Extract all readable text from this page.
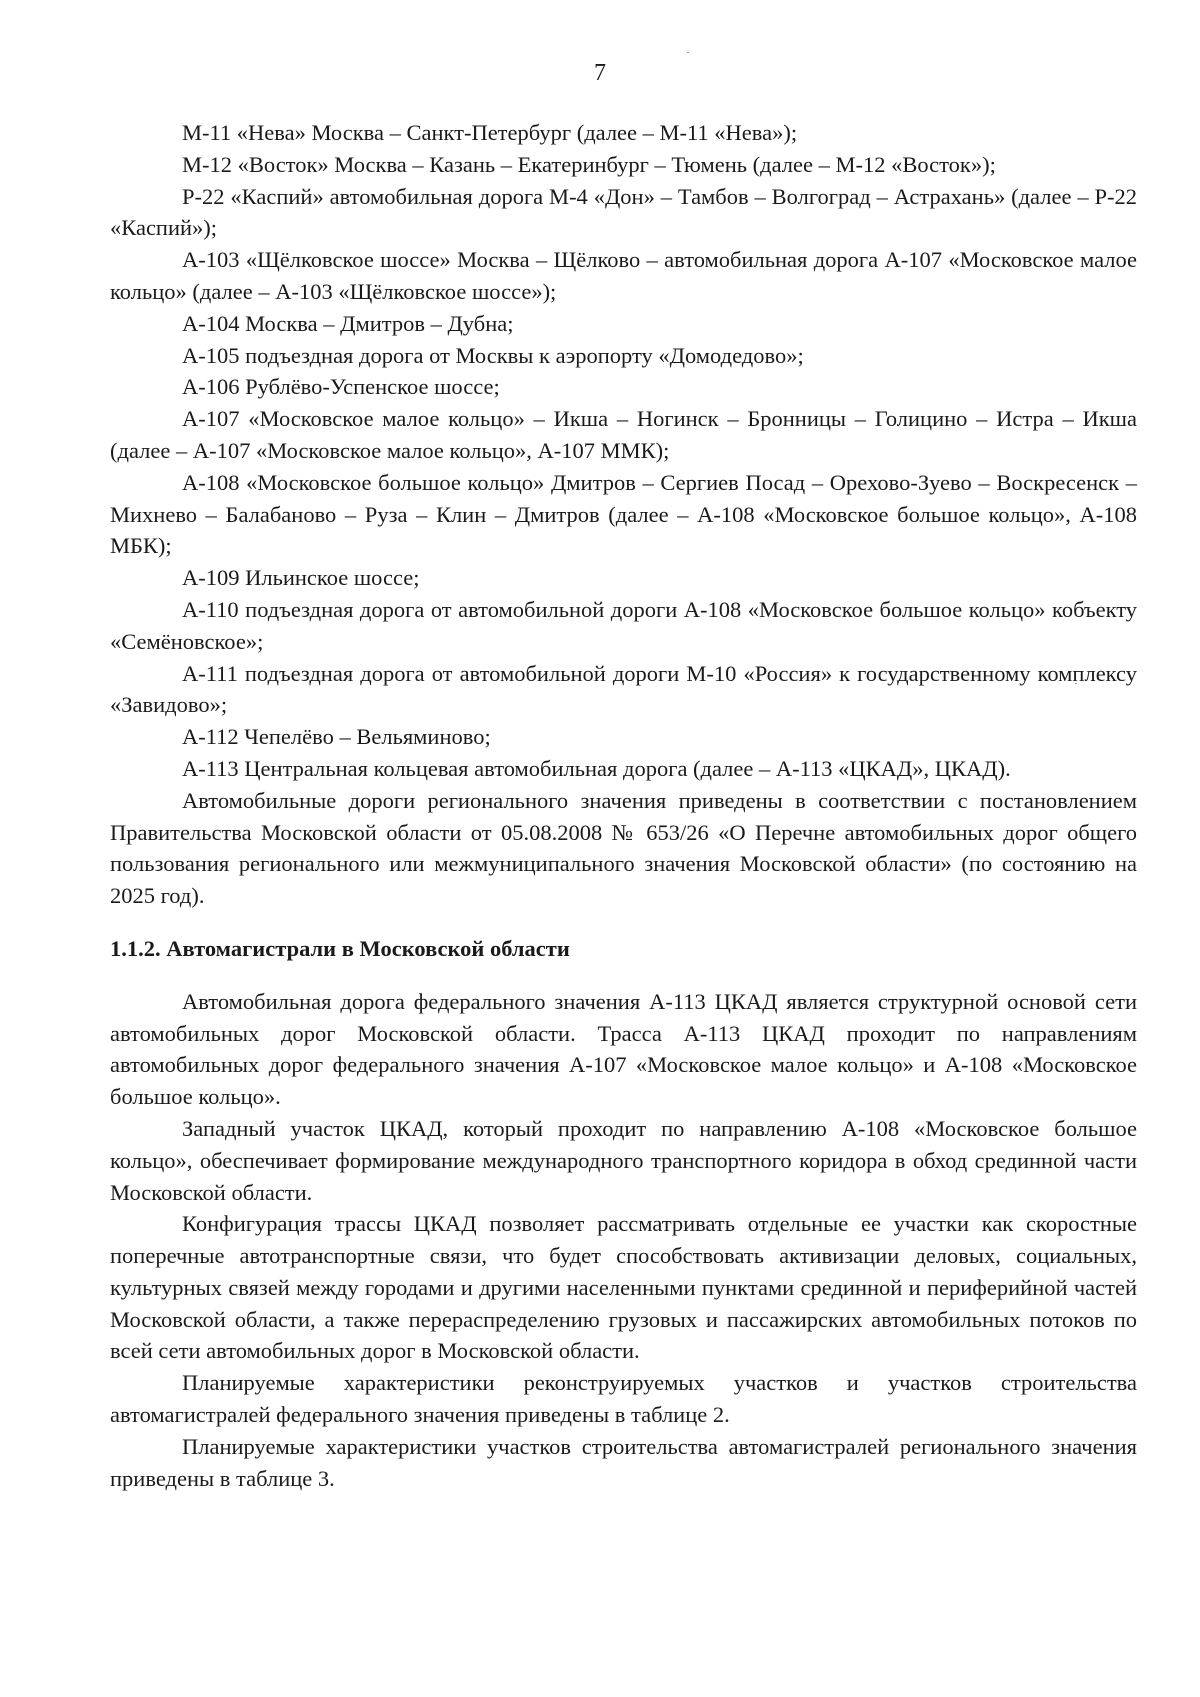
7

М-11 «Нева» Москва – Санкт-Петербург (далее – М-11 «Нева»);

М-12 «Восток» Москва – Казань – Екатеринбург – Тюмень (далее – М-12 «Восток»);

Р-22 «Каспий» автомобильная дорога М-4 «Дон» – Тамбов – Волгоград – Астрахань» (далее – Р-22 «Каспий»);

А-103 «Щёлковское шоссе» Москва – Щёлково – автомобильная дорога А-107 «Московское малое кольцо» (далее – А-103 «Щёлковское шоссе»);

А-104 Москва – Дмитров – Дубна;

А-105 подъездная дорога от Москвы к аэропорту «Домодедово»;

А-106 Рублёво-Успенское шоссе;

А-107 «Московское малое кольцо» – Икша – Ногинск – Бронницы – Голицино – Истра – Икша (далее – А-107 «Московское малое кольцо», А-107 ММК);

А-108 «Московское большое кольцо» Дмитров – Сергиев Посад – Орехово-Зуево – Воскресенск – Михнево – Балабаново – Руза – Клин – Дмитров (далее – А-108 «Московское большое кольцо», А-108 МБК);

А-109 Ильинское шоссе;

А-110 подъездная дорога от автомобильной дороги А-108 «Московское большое кольцо» кобъекту «Семёновское»;

А-111 подъездная дорога от автомобильной дороги М-10 «Россия» к государственному комплексу «Завидово»;

А-112 Чепелёво – Вельяминово;

А-113 Центральная кольцевая автомобильная дорога (далее – А-113 «ЦКАД», ЦКАД).

Автомобильные дороги регионального значения приведены в соответствии с постановлением Правительства Московской области от 05.08.2008 № 653/26 «О Перечне автомобильных дорог общего пользования регионального или межмуниципального значения Московской области» (по состоянию на 2025 год).

1.1.2. Автомагистрали в Московской области

Автомобильная дорога федерального значения А-113 ЦКАД является структурной основой сети автомобильных дорог Московской области. Трасса А-113 ЦКАД проходит по направлениям автомобильных дорог федерального значения А-107 «Московское малое кольцо» и А-108 «Московское большое кольцо».

Западный участок ЦКАД, который проходит по направлению А-108 «Московское большое кольцо», обеспечивает формирование международного транспортного коридора в обход срединной части Московской области.

Конфигурация трассы ЦКАД позволяет рассматривать отдельные ее участки как скоростные поперечные автотранспортные связи, что будет способствовать активизации деловых, социальных, культурных связей между городами и другими населенными пунктами срединной и периферийной частей Московской области, а также перераспределению грузовых и пассажирских автомобильных потоков по всей сети автомобильных дорог в Московской области.

Планируемые характеристики реконструируемых участков и участков строительства автомагистралей федерального значения приведены в таблице 2.

Планируемые характеристики участков строительства автомагистралей регионального значения приведены в таблице 3.
